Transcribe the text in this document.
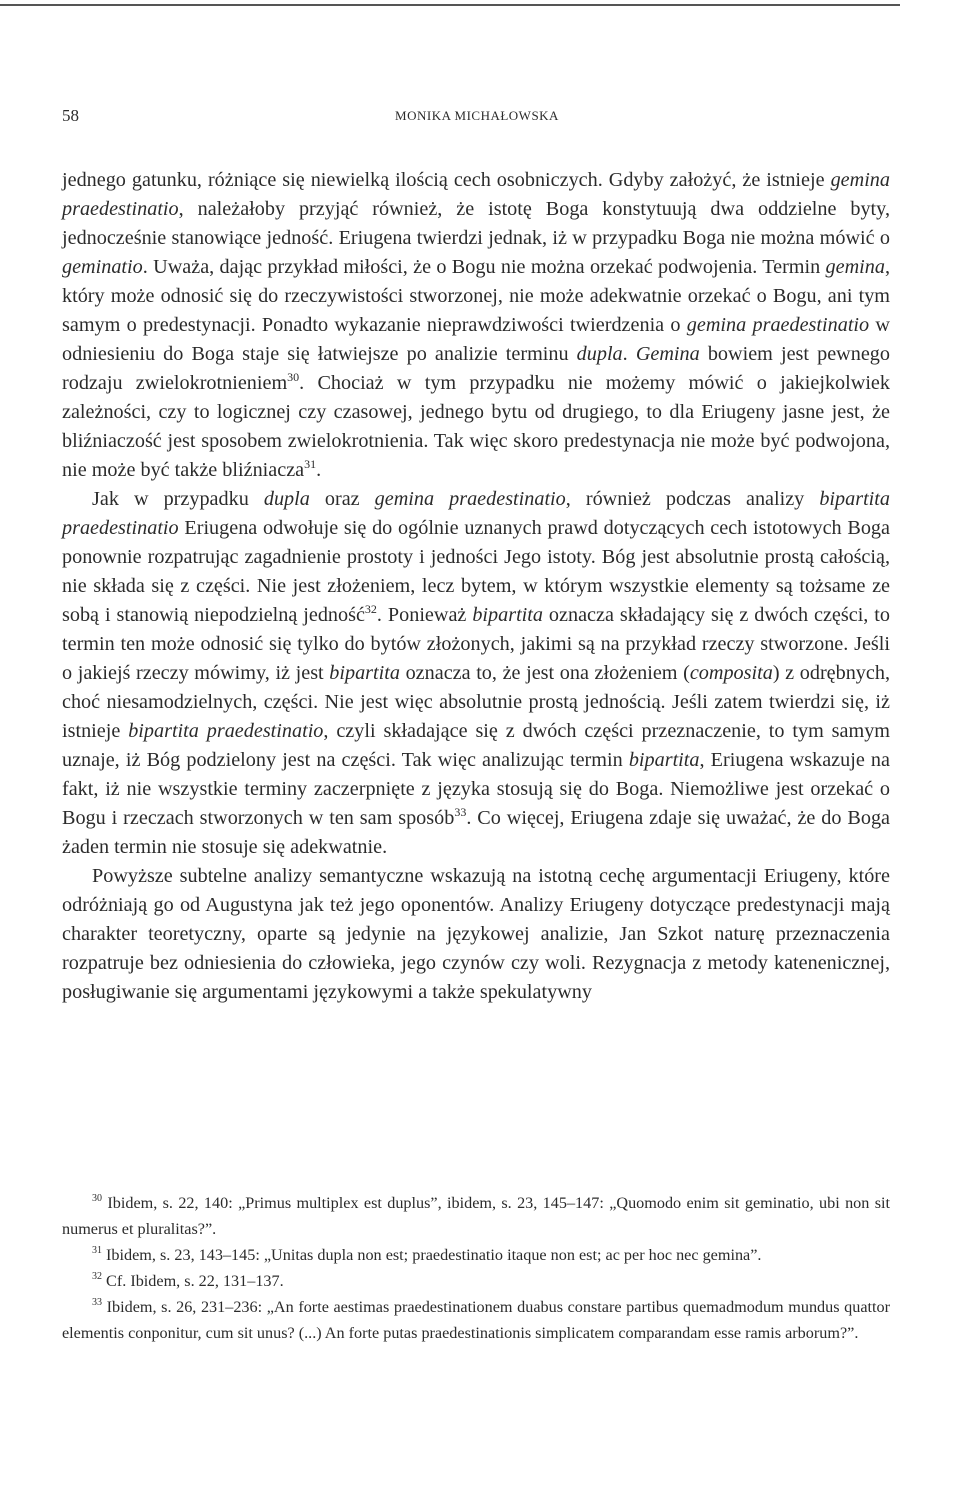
58	MONIKA MICHAŁOWSKA

jednego gatunku, różniące się niewielką ilością cech osobniczych. Gdyby założyć, że istnieje gemina praedestinatio, należałoby przyjąć również, że istotę Boga konstytuują dwa oddzielne byty, jednocześnie stanowiące jedność. Eriugena twierdzi jednak, iż w przypadku Boga nie można mówić o geminatio. Uważa, dając przykład miłości, że o Bogu nie można orzekać podwojenia. Termin gemina, który może odnosić się do rzeczywistości stworzonej, nie może adekwatnie orzekać o Bogu, ani tym samym o predestynacji. Ponadto wykazanie nieprawdziwości twierdzenia o gemina praedestinatio w odniesieniu do Boga staje się łatwiejsze po analizie terminu dupla. Gemina bowiem jest pewnego rodzaju zwielokrotnieniem$^{30}$. Chociaż w tym przypadku nie możemy mówić o jakiejkolwiek zależności, czy to logicznej czy czasowej, jednego bytu od drugiego, to dla Eriugeny jasne jest, że bliźniaczość jest sposobem zwielokrotnienia. Tak więc skoro predestynacja nie może być podwojona, nie może być także bliźniacza$^{31}$.

Jak w przypadku dupla oraz gemina praedestinatio, również podczas analizy bipartita praedestinatio Eriugena odwołuje się do ogólnie uznanych prawd dotyczących cech istotowych Boga ponownie rozpatrując zagadnienie prostoty i jedności Jego istoty. Bóg jest absolutnie prostą całością, nie składa się z części. Nie jest złożeniem, lecz bytem, w którym wszystkie elementy są tożsame ze sobą i stanowią niepodzielną jedność$^{32}$. Ponieważ bipartita oznacza składający się z dwóch części, to termin ten może odnosić się tylko do bytów złożonych, jakimi są na przykład rzeczy stworzone. Jeśli o jakiejś rzeczy mówimy, iż jest bipartita oznacza to, że jest ona złożeniem (composita) z odrębnych, choć niesamodzielnych, części. Nie jest więc absolutnie prostą jednością. Jeśli zatem twierdzi się, iż istnieje bipartita praedestinatio, czyli składające się z dwóch części przeznaczenie, to tym samym uznaje, iż Bóg podzielony jest na części. Tak więc analizując termin bipartita, Eriugena wskazuje na fakt, iż nie wszystkie terminy zaczerpnięte z języka stosują się do Boga. Niemożliwe jest orzekać o Bogu i rzeczach stworzonych w ten sam sposób$^{33}$. Co więcej, Eriugena zdaje się uważać, że do Boga żaden termin nie stosuje się adekwatnie.

Powyższe subtelne analizy semantyczne wskazują na istotną cechę argumentacji Eriugeny, które odróżniają go od Augustyna jak też jego oponentów. Analizy Eriugeny dotyczące predestynacji mają charakter teoretyczny, oparte są jedynie na językowej analizie, Jan Szkot naturę przeznaczenia rozpatruje bez odniesienia do człowieka, jego czynów czy woli. Rezygnacja z metody katenenicznej, posługiwanie się argumentami językowymi a także spekulatywny

$^{30}$ Ibidem, s. 22, 140: „Primus multiplex est duplus”, ibidem, s. 23, 145–147: „Quomodo enim sit geminatio, ubi non sit numerus et pluralitas?”.

$^{31}$ Ibidem, s. 23, 143–145: „Unitas dupla non est; praedestinatio itaque non est; ac per hoc nec gemina”.

$^{32}$ Cf. Ibidem, s. 22, 131–137.

$^{33}$ Ibidem, s. 26, 231–236: „An forte aestimas praedestinationem duabus constare partibus quemadmodum mundus quattor elementis conponitur, cum sit unus? (...) An forte putas praedestinationis simplicatem comparandam esse ramis arborum?”.
